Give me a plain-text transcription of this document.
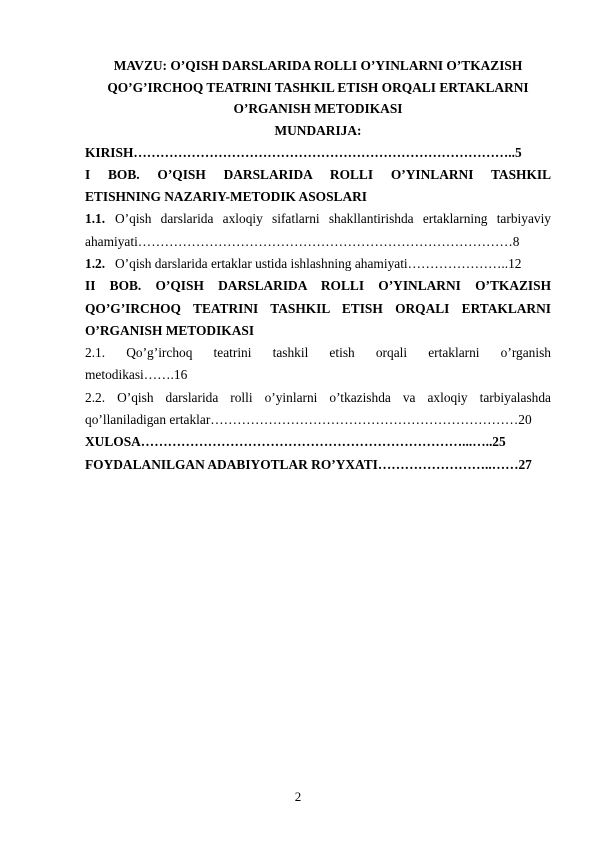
MAVZU: O’QISH DARSLARIDA ROLLI O’YINLARNI O’TKAZISH
QO’G’IRCHOQ TEATRINI TASHKIL ETISH ORQALI ERTAKLARNI
O’RGANISH METODIKASI
MUNDARIJA:
KIRISH…………………………………………………………………………..5
I BOB. O’QISH DARSLARIDA ROLLI O’YINLARNI TASHKIL
ETISHNING NAZARIY-METODIK ASOSLARI
1.1. O’qish darslarida axloqiy sifatlarni shakllantirishda ertaklarning tarbiyaviy
ahamiyati…………………………………………………………………………8
1.2. O’qish darslarida ertaklar ustida ishlashning ahamiyati…………………..12
II BOB. O’QISH DARSLARIDA ROLLI O’YINLARNI O’TKAZISH
QO’G’IRCHOQ TEATRINI TASHKIL ETISH ORQALI ERTAKLARNI
O’RGANISH METODIKASI
2.1. Qo’g’irchoq teatrini tashkil etish orqali ertaklarni o’rganish
metodikasi…….16
2.2. O’qish darslarida rolli o’yinlarni o’tkazishda va axloqiy tarbiyalashda
qo’llaniladigan ertaklar……………………………………………………………20
XULOSA………………………………………………………………...…..25
FOYDALANILGAN ADABIYOTLAR RO’YXATI……………………..……27
2
